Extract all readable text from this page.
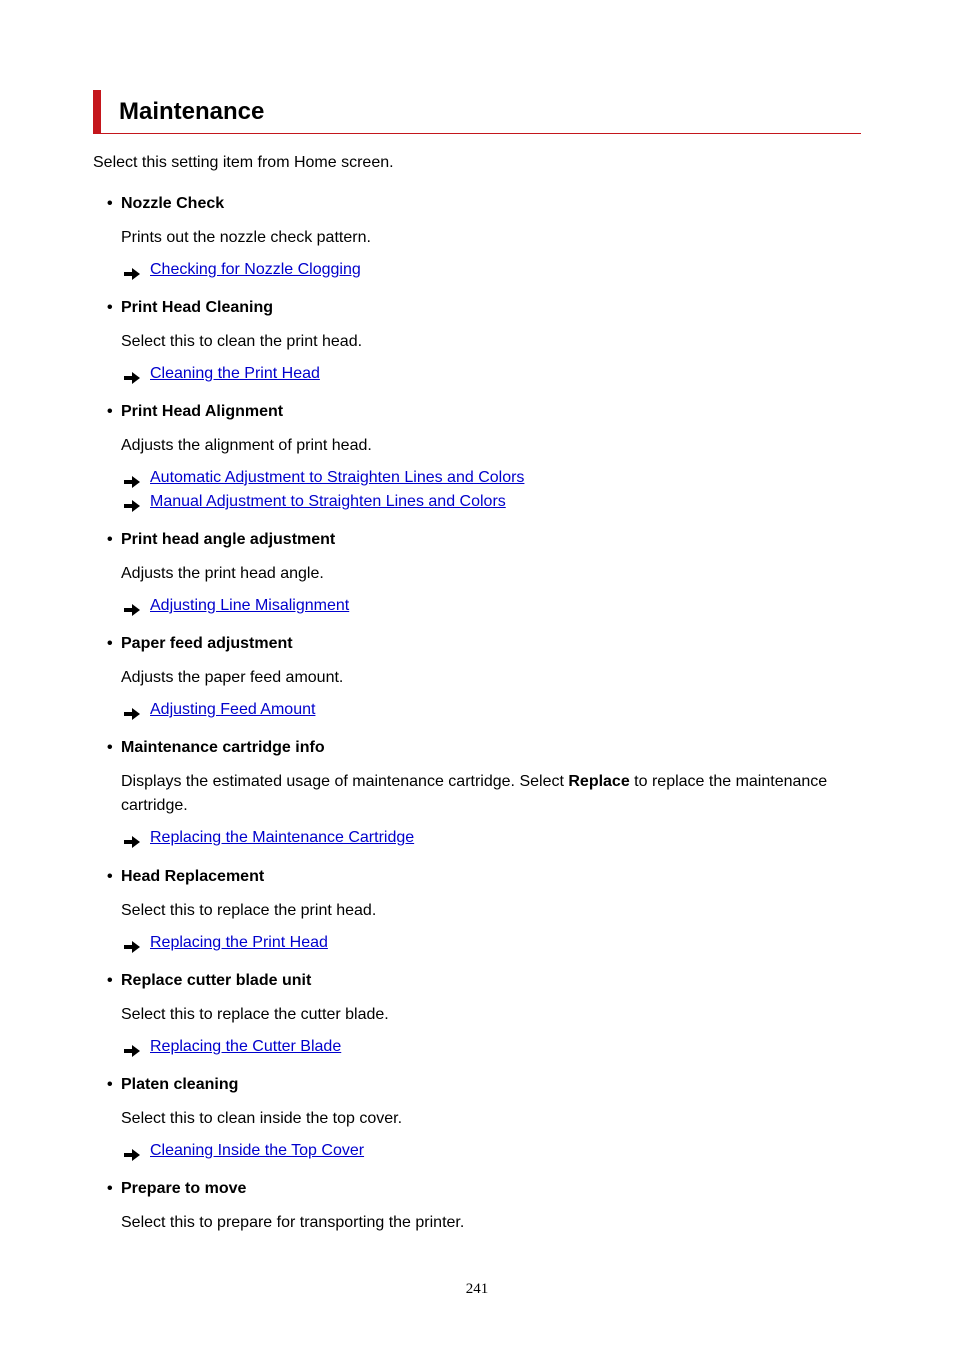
Maintenance
Select this setting item from Home screen.
• Nozzle Check
Prints out the nozzle check pattern.
Checking for Nozzle Clogging
• Print Head Cleaning
Select this to clean the print head.
Cleaning the Print Head
• Print Head Alignment
Adjusts the alignment of print head.
Automatic Adjustment to Straighten Lines and Colors
Manual Adjustment to Straighten Lines and Colors
• Print head angle adjustment
Adjusts the print head angle.
Adjusting Line Misalignment
• Paper feed adjustment
Adjusts the paper feed amount.
Adjusting Feed Amount
• Maintenance cartridge info
Displays the estimated usage of maintenance cartridge. Select Replace to replace the maintenance cartridge.
Replacing the Maintenance Cartridge
• Head Replacement
Select this to replace the print head.
Replacing the Print Head
• Replace cutter blade unit
Select this to replace the cutter blade.
Replacing the Cutter Blade
• Platen cleaning
Select this to clean inside the top cover.
Cleaning Inside the Top Cover
• Prepare to move
Select this to prepare for transporting the printer.
241
